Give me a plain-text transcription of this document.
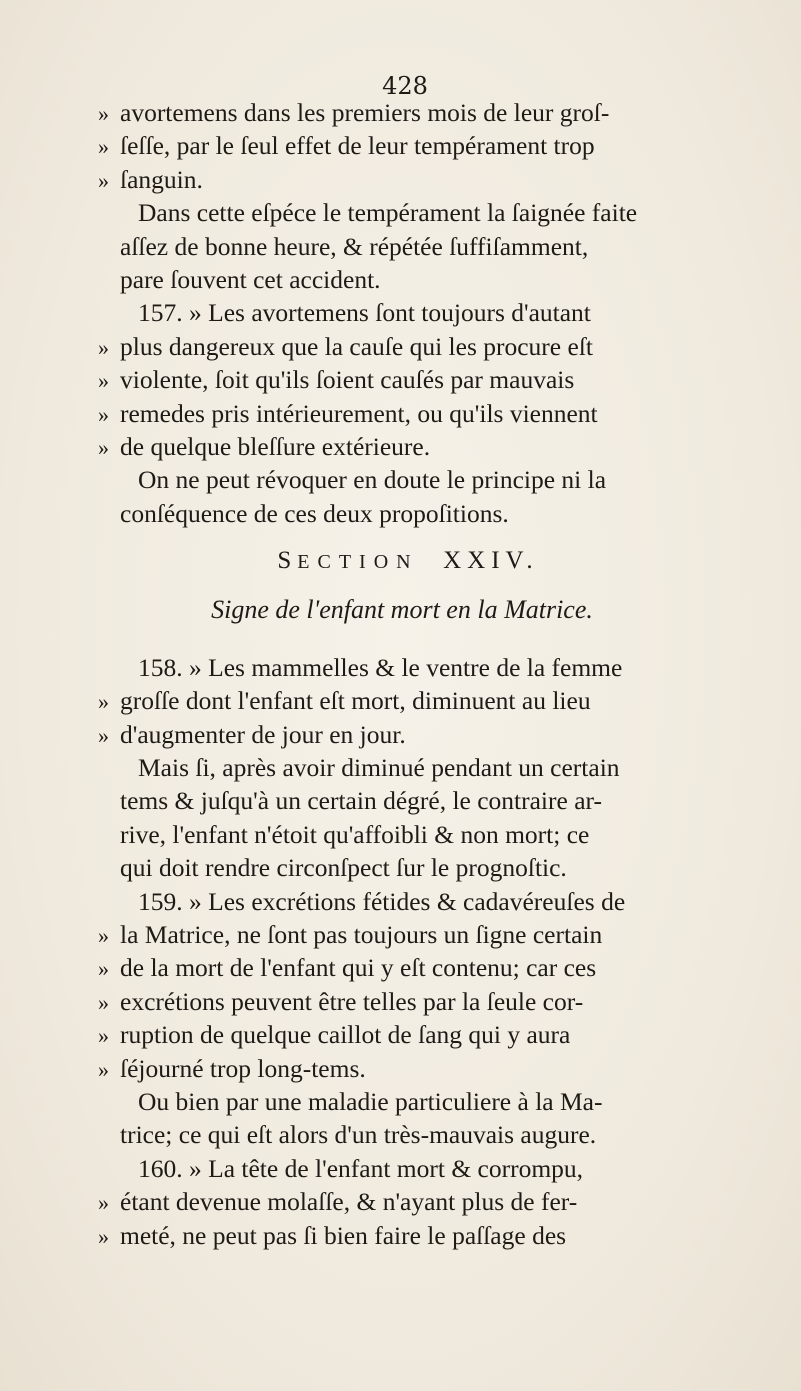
428
» avortemens dans les premiers mois de leur groſ-
» ſeſſe, par le ſeul effet de leur tempérament trop
» ſanguin.
Dans cette eſpéce le tempérament la ſaignée faite
aſſez de bonne heure, & répétée ſuffiſamment,
pare ſouvent cet accident.
157. » Les avortemens ſont toujours d'autant
» plus dangereux que la cauſe qui les procure eſt
» violente, ſoit qu'ils ſoient cauſés par mauvais
» remedes pris intérieurement, ou qu'ils viennent
» de quelque bleſſure extérieure.
On ne peut révoquer en doute le principe ni la
conſéquence de ces deux propoſitions.
SECTION XXIV.
Signe de l'enfant mort en la Matrice.
158. » Les mammelles & le ventre de la femme
» groſſe dont l'enfant eſt mort, diminuent au lieu
» d'augmenter de jour en jour.
Mais ſi, après avoir diminué pendant un certain
tems & juſqu'à un certain dégré, le contraire ar-
rive, l'enfant n'étoit qu'affoibli & non mort; ce
qui doit rendre circonſpect ſur le prognoſtic.
159. » Les excrétions fétides & cadavéreuſes de
» la Matrice, ne ſont pas toujours un ſigne certain
» de la mort de l'enfant qui y eſt contenu; car ces
» excrétions peuvent être telles par la ſeule cor-
» ruption de quelque caillot de ſang qui y aura
» ſéjourné trop long-tems.
Ou bien par une maladie particuliere à la Ma-
trice; ce qui eſt alors d'un très-mauvais augure.
160. » La tête de l'enfant mort & corrompu,
» étant devenue molaſſe, & n'ayant plus de fer-
» meté, ne peut pas ſi bien faire le paſſage des
